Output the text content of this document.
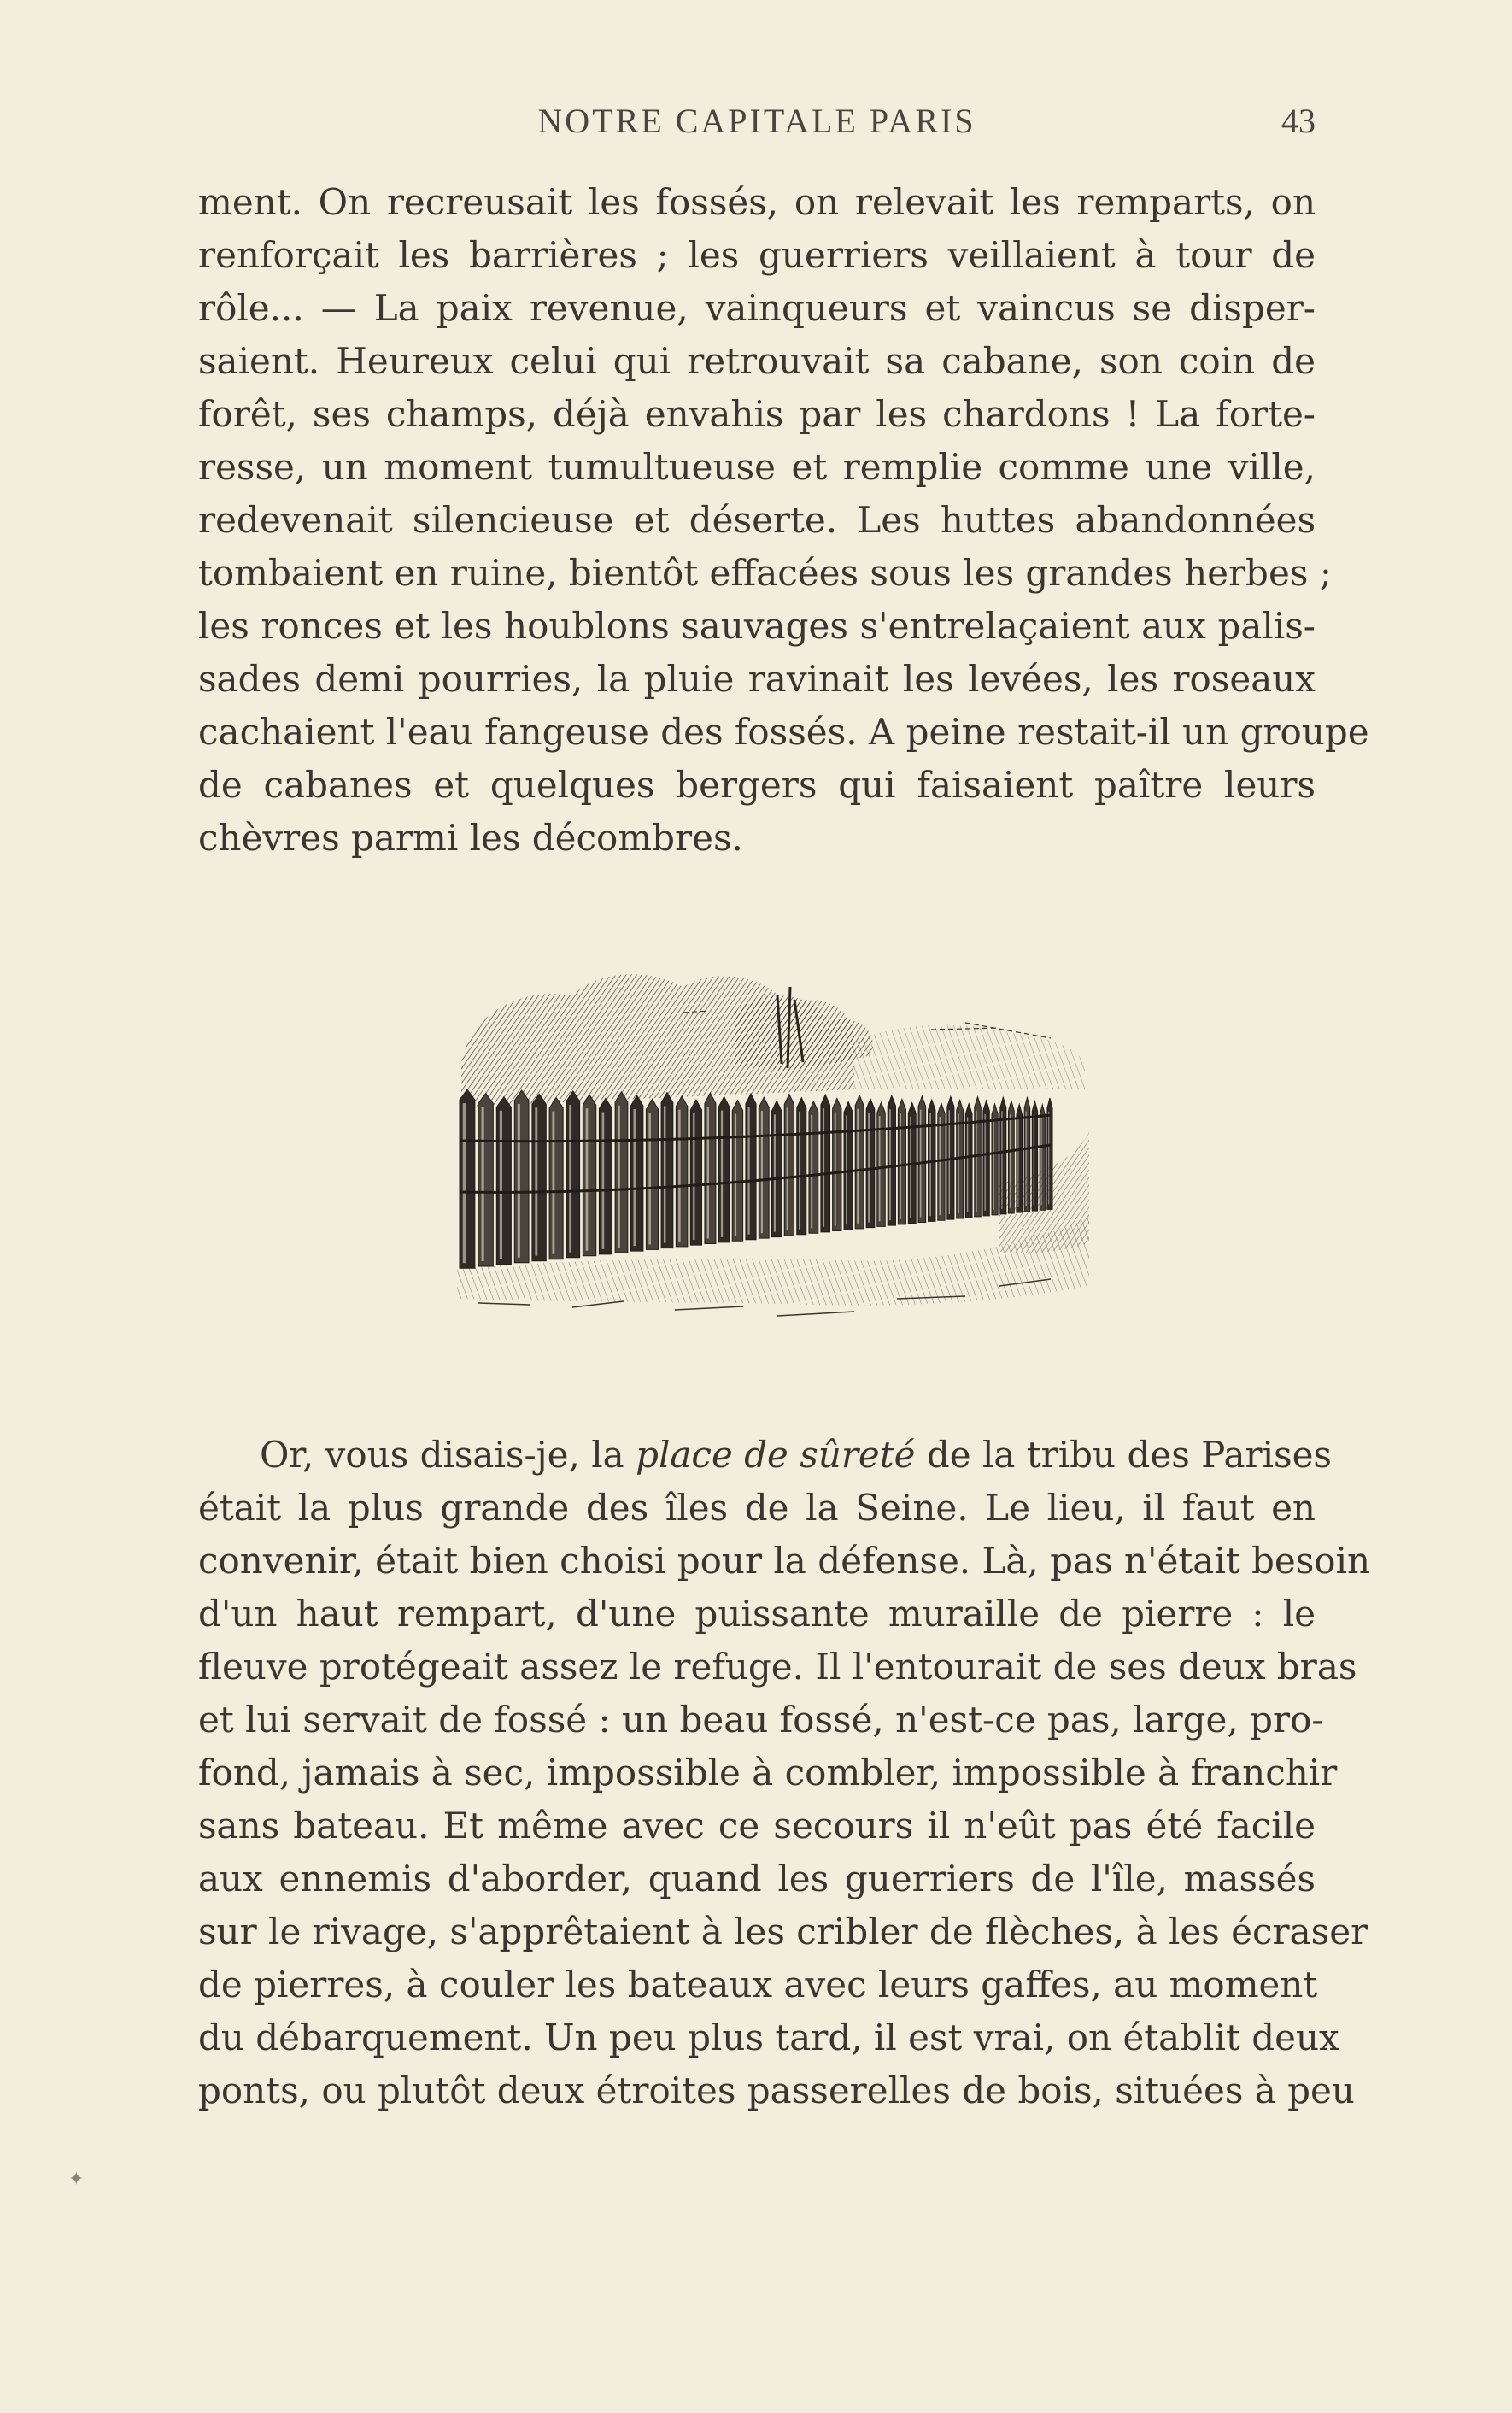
NOTRE CAPITALE PARIS	43
ment. On recreusait les fossés, on relevait les remparts, on
renforçait les barrières ; les guerriers veillaient à tour de
rôle... — La paix revenue, vainqueurs et vaincus se disper-
saient. Heureux celui qui retrouvait sa cabane, son coin de
forêt, ses champs, déjà envahis par les chardons ! La forte-
resse, un moment tumultueuse et remplie comme une ville,
redevenait silencieuse et déserte. Les huttes abandonnées
tombaient en ruine, bientôt effacées sous les grandes herbes ;
les ronces et les houblons sauvages s'entrelaçaient aux palis-
sades demi pourries, la pluie ravinait les levées, les roseaux
cachaient l'eau fangeuse des fossés. A peine restait-il un groupe
de cabanes et quelques bergers qui faisaient paître leurs
chèvres parmi les décombres.
Or, vous disais-je, la place de sûreté de la tribu des Parises
était la plus grande des îles de la Seine. Le lieu, il faut en
convenir, était bien choisi pour la défense. Là, pas n'était besoin
d'un haut rempart, d'une puissante muraille de pierre : le
fleuve protégeait assez le refuge. Il l'entourait de ses deux bras
et lui servait de fossé : un beau fossé, n'est-ce pas, large, pro-
fond, jamais à sec, impossible à combler, impossible à franchir
sans bateau. Et même avec ce secours il n'eût pas été facile
aux ennemis d'aborder, quand les guerriers de l'île, massés
sur le rivage, s'apprêtaient à les cribler de flèches, à les écraser
de pierres, à couler les bateaux avec leurs gaffes, au moment
du débarquement. Un peu plus tard, il est vrai, on établit deux
ponts, ou plutôt deux étroites passerelles de bois, situées à peu
✦
